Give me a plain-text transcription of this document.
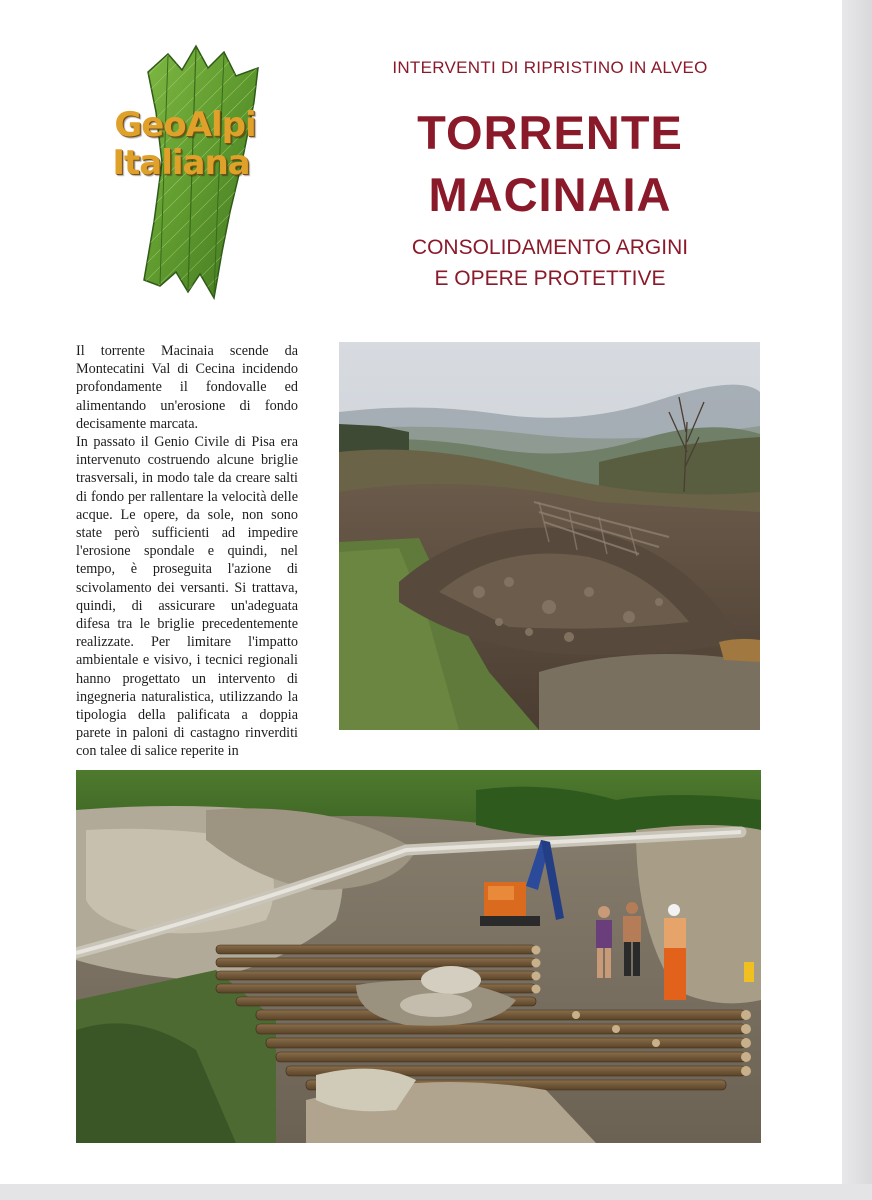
GeoAlpi
Italiana
INTERVENTI DI RIPRISTINO IN ALVEO
TORRENTE
MACINAIA
CONSOLIDAMENTO ARGINI
E OPERE PROTETTIVE

Il torrente Macinaia scende da Montecatini Val di Cecina incidendo profondamente il fondovalle ed alimentando un'erosione di fondo decisamente marcata.

In passato il Genio Civile di Pisa era intervenuto costruendo alcune briglie trasversali, in modo tale da creare salti di fondo per rallentare la velocità delle acque. Le opere, da sole, non sono state però sufficienti ad impedire l'erosione spondale e quindi, nel tempo, è proseguita l'azione di scivolamento dei versanti. Si trattava, quindi, di assicurare un'adeguata difesa tra le briglie precedentemente realizzate. Per limitare l'impatto ambientale e visivo, i tecnici regionali hanno progettato un intervento di ingegneria naturalistica, utilizzando la tipologia della palificata a doppia parete in paloni di castagno rinverditi con talee di salice reperite in
